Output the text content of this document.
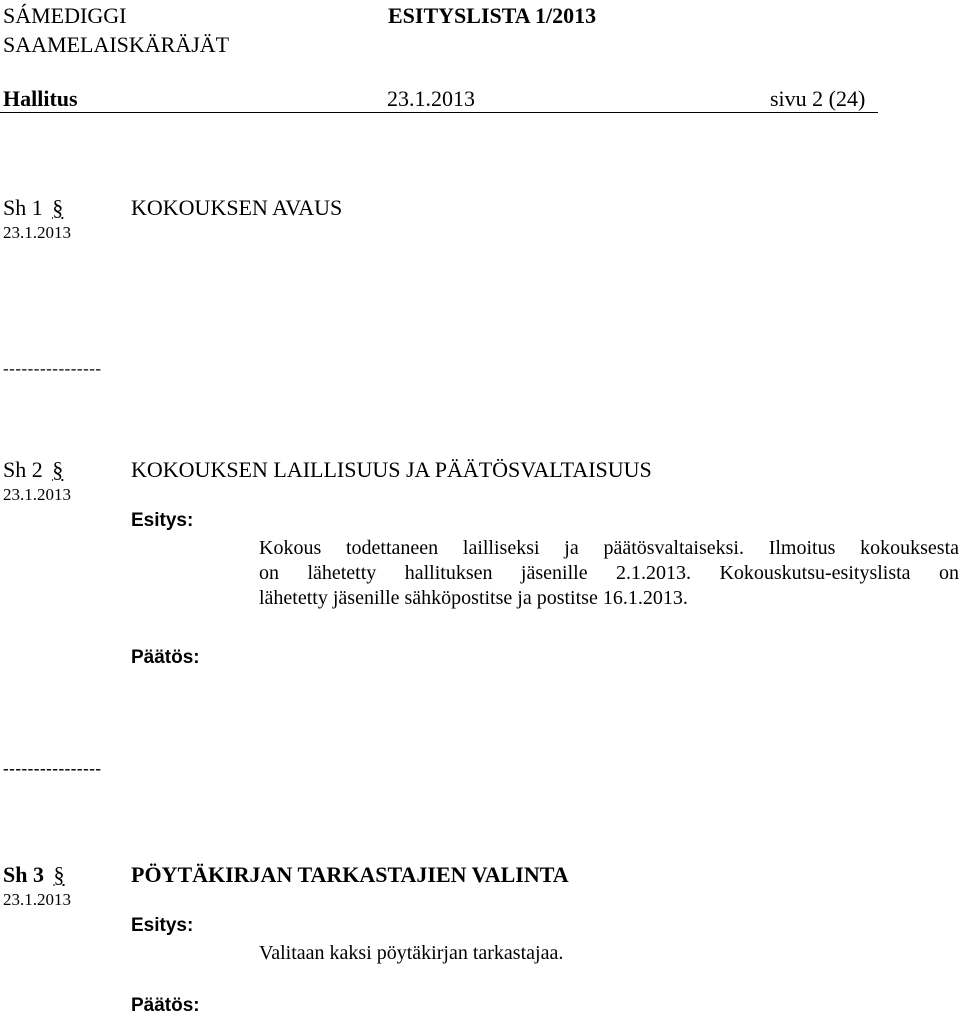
SÁMEDIGGI	ESITYSLISTA 1/2013
SAAMELAISKÄRÄJÄT
Hallitus	23.1.2013	sivu 2 (24)
Sh 1 §	KOKOUKSEN AVAUS
23.1.2013
----------------
Sh 2 §	KOKOUKSEN LAILLISUUS JA PÄÄTÖSVALTAISUUS
23.1.2013
Esitys:
Kokous todettaneen lailliseksi ja päätösvaltaiseksi. Ilmoitus kokouksesta
on lähetetty hallituksen jäsenille 2.1.2013. Kokouskutsu-esityslista on
lähetetty jäsenille sähköpostitse ja postitse 16.1.2013.
Päätös:
----------------
Sh 3 §	PÖYTÄKIRJAN TARKASTAJIEN VALINTA
23.1.2013
Esitys:
Valitaan kaksi pöytäkirjan tarkastajaa.
Päätös:
